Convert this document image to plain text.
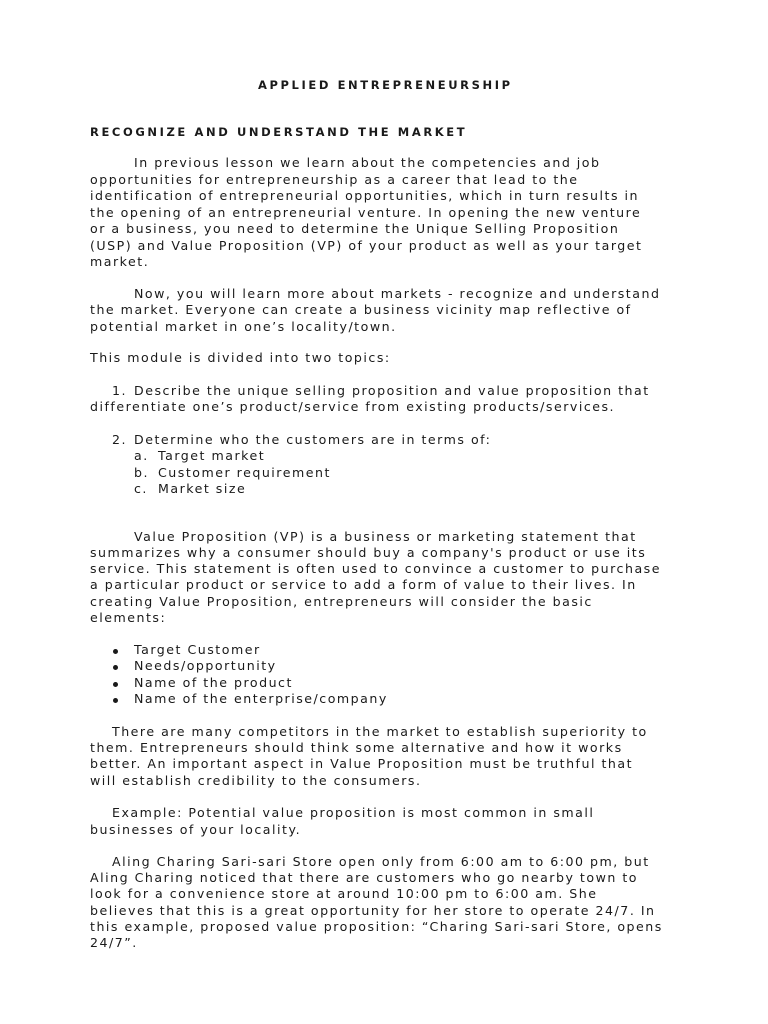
APPLIED ENTREPRENEURSHIP

RECOGNIZE AND UNDERSTAND THE MARKET

In previous lesson we learn about the competencies and job

opportunities for entrepreneurship as a career that lead to the

identification of entrepreneurial opportunities, which in turn results in

the opening of an entrepreneurial venture. In opening the new venture

or a business, you need to determine the Unique Selling Proposition

(USP) and Value Proposition (VP) of your product as well as your target

market.

Now, you will learn more about markets - recognize and understand

the market. Everyone can create a business vicinity map reflective of

potential market in one’s locality/town.

This module is divided into two topics:

1. Describe the unique selling proposition and value proposition that

differentiate one’s product/service from existing products/services.

2. Determine who the customers are in terms of:

a. Target market

b. Customer requirement

c. Market size

Value Proposition (VP) is a business or marketing statement that

summarizes why a consumer should buy a company's product or use its

service. This statement is often used to convince a customer to purchase

a particular product or service to add a form of value to their lives. In

creating Value Proposition, entrepreneurs will consider the basic

elements:

Target Customer

Needs/opportunity

Name of the product

Name of the enterprise/company

There are many competitors in the market to establish superiority to

them. Entrepreneurs should think some alternative and how it works

better. An important aspect in Value Proposition must be truthful that

will establish credibility to the consumers.

Example: Potential value proposition is most common in small

businesses of your locality.

Aling Charing Sari-sari Store open only from 6:00 am to 6:00 pm, but

Aling Charing noticed that there are customers who go nearby town to

look for a convenience store at around 10:00 pm to 6:00 am. She

believes that this is a great opportunity for her store to operate 24/7. In

this example, proposed value proposition: “Charing Sari-sari Store, opens

24/7”.
